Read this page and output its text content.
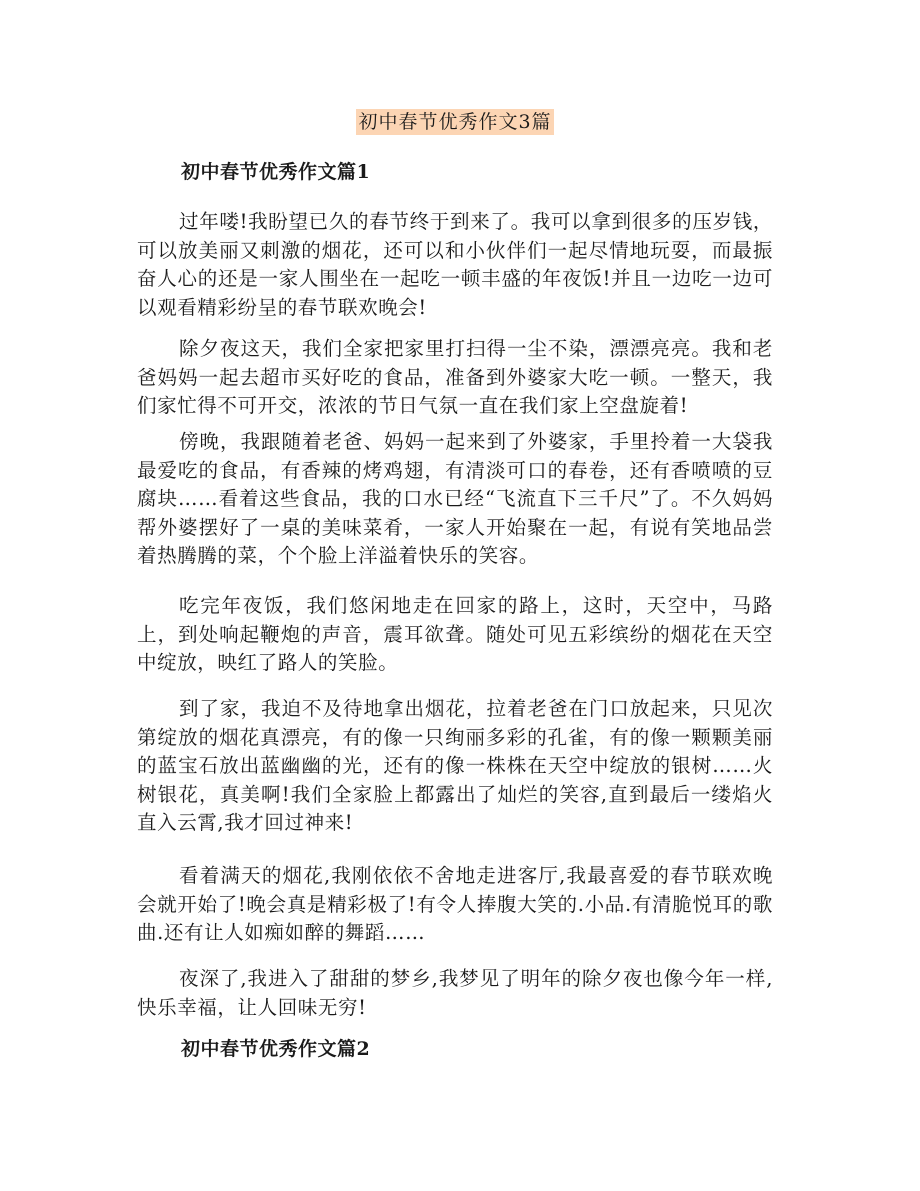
初中春节优秀作文3篇
初中春节优秀作文篇1

过年喽!我盼望已久的春节终于到来了。我可以拿到很多的压岁钱，可以放美丽又刺激的烟花，还可以和小伙伴们一起尽情地玩耍，而最振奋人心的还是一家人围坐在一起吃一顿丰盛的年夜饭!并且一边吃一边可以观看精彩纷呈的春节联欢晚会!

除夕夜这天，我们全家把家里打扫得一尘不染，漂漂亮亮。我和老爸妈妈一起去超市买好吃的食品，准备到外婆家大吃一顿。一整天，我们家忙得不可开交，浓浓的节日气氛一直在我们家上空盘旋着!

傍晚，我跟随着老爸、妈妈一起来到了外婆家，手里拎着一大袋我最爱吃的食品，有香辣的烤鸡翅，有清淡可口的春卷，还有香喷喷的豆腐块……看着这些食品，我的口水已经“飞流直下三千尺”了。不久妈妈帮外婆摆好了一桌的美味菜肴，一家人开始聚在一起，有说有笑地品尝着热腾腾的菜，个个脸上洋溢着快乐的笑容。

吃完年夜饭，我们悠闲地走在回家的路上，这时，天空中，马路上，到处响起鞭炮的声音，震耳欲聋。随处可见五彩缤纷的烟花在天空中绽放，映红了路人的笑脸。

到了家，我迫不及待地拿出烟花，拉着老爸在门口放起来，只见次第绽放的烟花真漂亮，有的像一只绚丽多彩的孔雀，有的像一颗颗美丽的蓝宝石放出蓝幽幽的光，还有的像一株株在天空中绽放的银树……火树银花，真美啊!我们全家脸上都露出了灿烂的笑容,直到最后一缕焰火直入云霄,我才回过神来!

看着满天的烟花,我刚依依不舍地走进客厅,我最喜爱的春节联欢晚会就开始了!晚会真是精彩极了!有令人捧腹大笑的.小品.有清脆悦耳的歌曲.还有让人如痴如醉的舞蹈……

夜深了,我进入了甜甜的梦乡,我梦见了明年的除夕夜也像今年一样,快乐幸福，让人回味无穷!

初中春节优秀作文篇2
